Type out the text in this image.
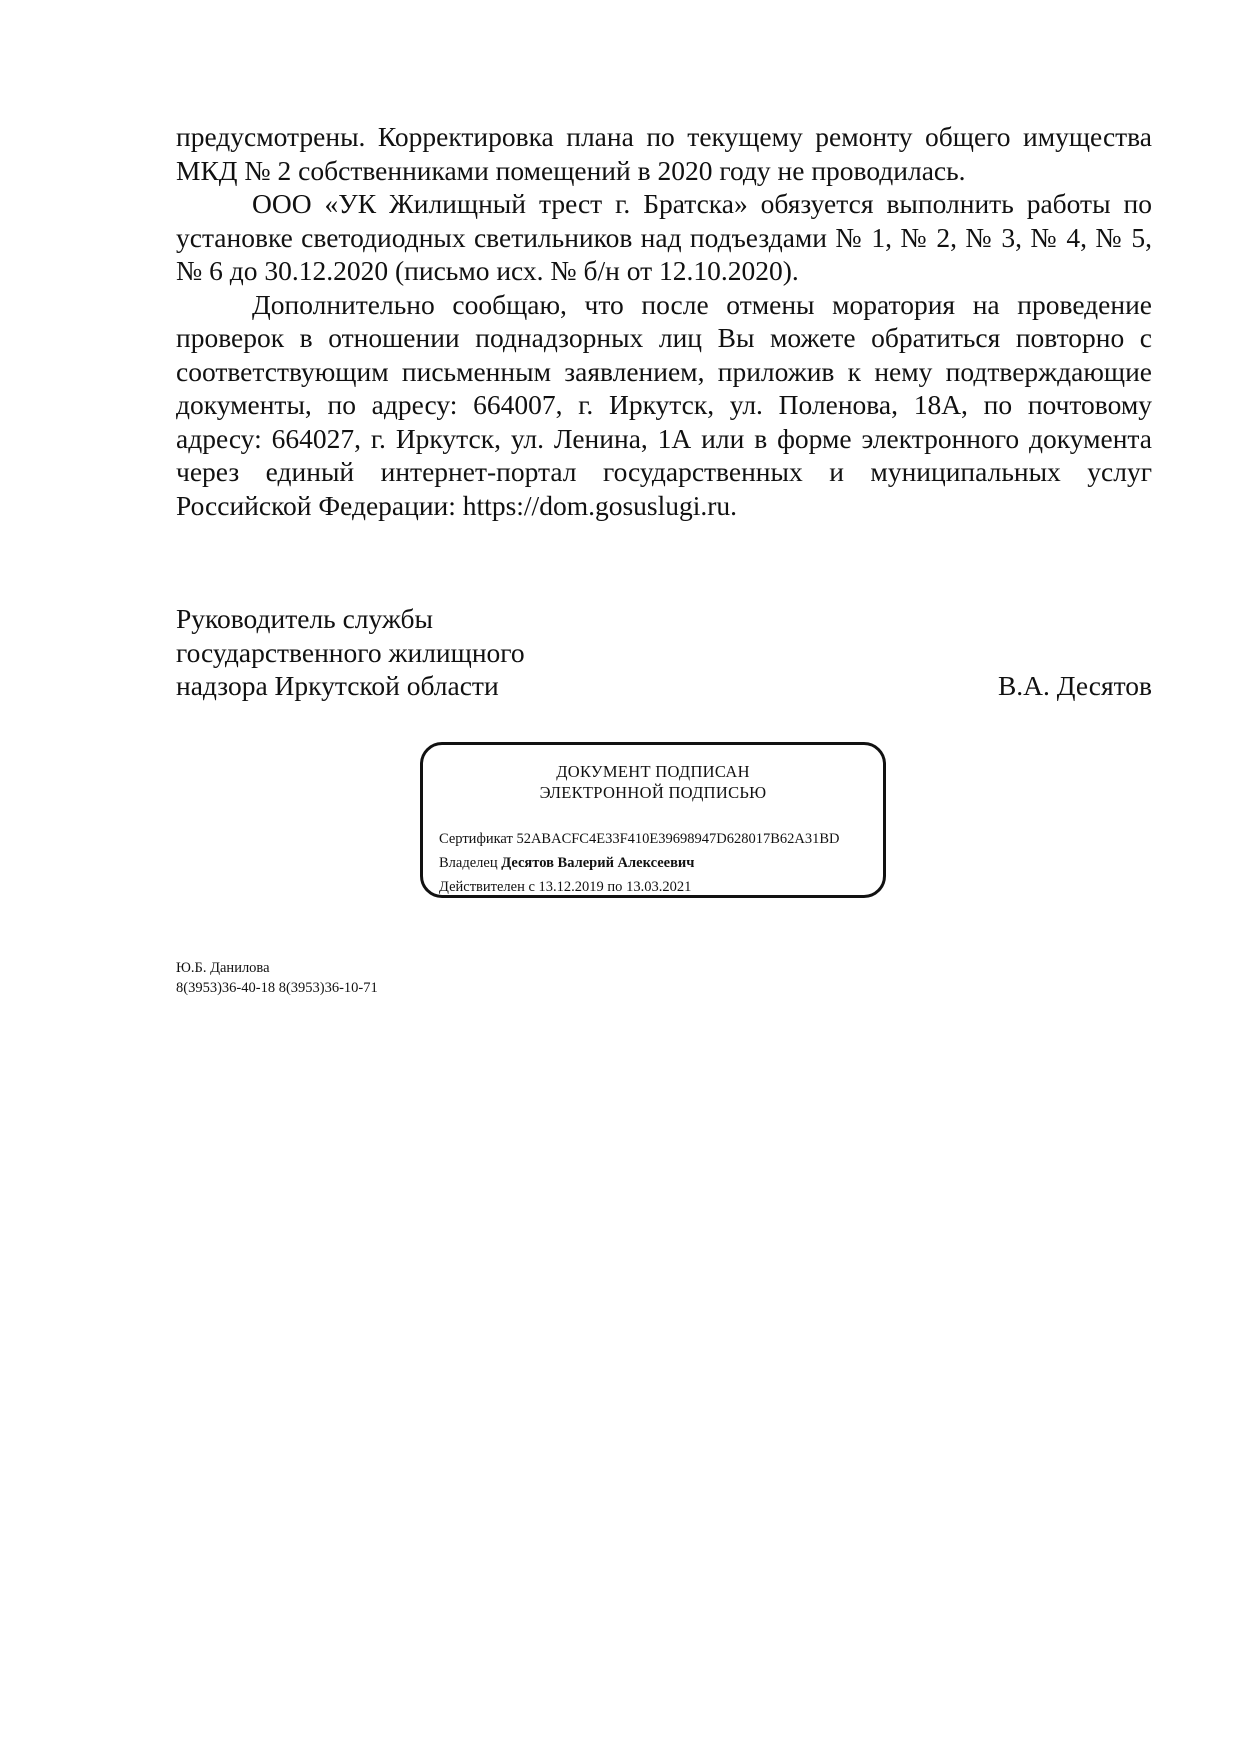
предусмотрены. Корректировка плана по текущему ремонту общего имущества МКД № 2 собственниками помещений в 2020 году не проводилась.

ООО «УК Жилищный трест г. Братска» обязуется выполнить работы по установке светодиодных светильников над подъездами № 1, № 2, № 3, № 4, № 5, № 6 до 30.12.2020 (письмо исх. № б/н от 12.10.2020).

Дополнительно сообщаю, что после отмены моратория на проведение проверок в отношении поднадзорных лиц Вы можете обратиться повторно с соответствующим письменным заявлением, приложив к нему подтверждающие документы, по адресу: 664007, г. Иркутск, ул. Поленова, 18А, по почтовому адресу: 664027, г. Иркутск, ул. Ленина, 1А или в форме электронного документа через единый интернет-портал государственных и муниципальных услуг Российской Федерации: https://dom.gosuslugi.ru.

Руководитель службы
государственного жилищного
надзора Иркутской области	В.А. Десятов
ДОКУМЕНТ ПОДПИСАН
ЭЛЕКТРОННОЙ ПОДПИСЬЮ
Сертификат 52ABACFC4E33F410E39698947D628017B62A31BD
Владелец Десятов Валерий Алексеевич
Действителен с 13.12.2019 по 13.03.2021
Ю.Б. Данилова
8(3953)36-40-18 8(3953)36-10-71
